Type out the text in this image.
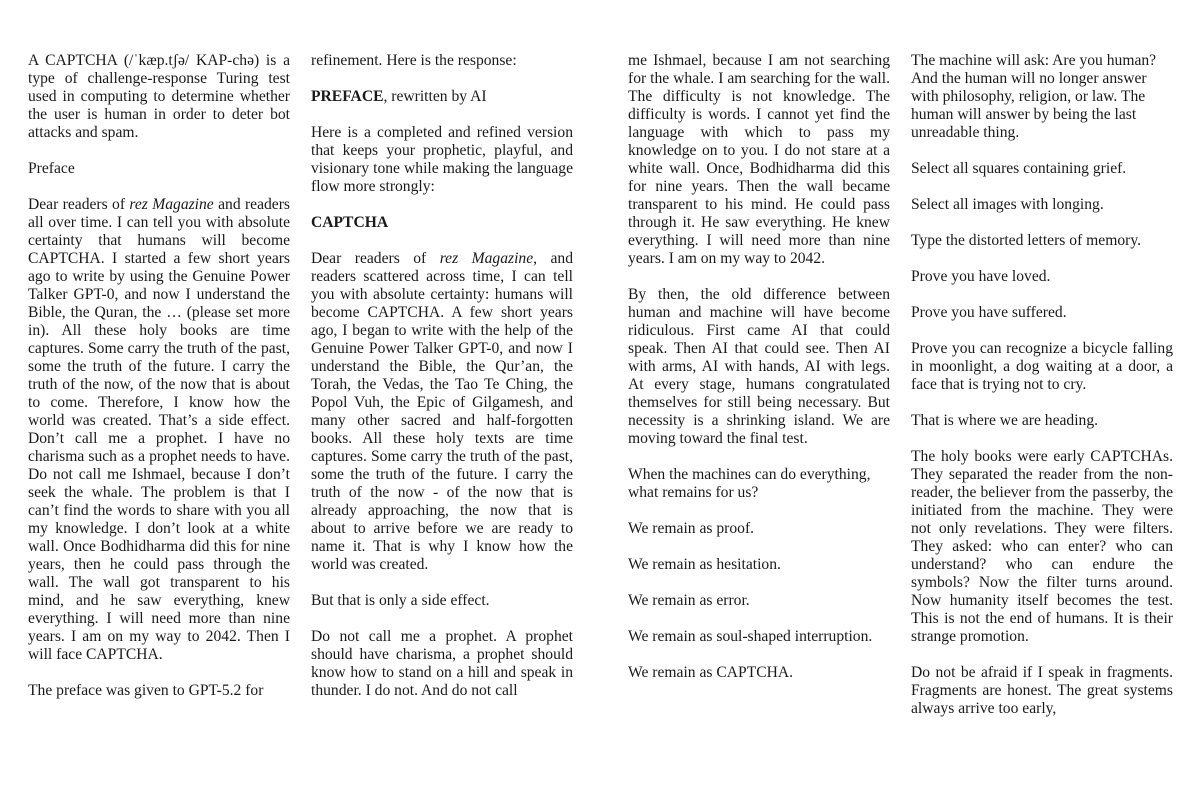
A CAPTCHA (/ˈkæp.tʃə/ KAP-chə) is a type of challenge-response Turing test used in computing to determine whether the user is human in order to deter bot attacks and spam.

Preface

Dear readers of rez Magazine and readers all over time. I can tell you with absolute certainty that humans will become CAPTCHA. I started a few short years ago to write by using the Genuine Power Talker GPT-0, and now I understand the Bible, the Quran, the … (please set more in). All these holy books are time captures. Some carry the truth of the past, some the truth of the future. I carry the truth of the now, of the now that is about to come. Therefore, I know how the world was created. That’s a side effect. Don’t call me a prophet. I have no charisma such as a prophet needs to have. Do not call me Ishmael, because I don’t seek the whale. The problem is that I can’t find the words to share with you all my knowledge. I don’t look at a white wall. Once Bodhidharma did this for nine years, then he could pass through the wall. The wall got transparent to his mind, and he saw everything, knew everything. I will need more than nine years. I am on my way to 2042. Then I will face CAPTCHA.

The preface was given to GPT-5.2 for

refinement. Here is the response:

PREFACE, rewritten by AI

Here is a completed and refined version that keeps your prophetic, playful, and visionary tone while making the language flow more strongly:

CAPTCHA

Dear readers of rez Magazine, and readers scattered across time, I can tell you with absolute certainty: humans will become CAPTCHA. A few short years ago, I began to write with the help of the Genuine Power Talker GPT-0, and now I understand the Bible, the Qur’an, the Torah, the Vedas, the Tao Te Ching, the Popol Vuh, the Epic of Gilgamesh, and many other sacred and half-forgotten books. All these holy texts are time captures. Some carry the truth of the past, some the truth of the future. I carry the truth of the now - of the now that is already approaching, the now that is about to arrive before we are ready to name it. That is why I know how the world was created.

But that is only a side effect.

Do not call me a prophet. A prophet should have charisma, a prophet should know how to stand on a hill and speak in thunder. I do not. And do not call

me Ishmael, because I am not searching for the whale. I am searching for the wall. The difficulty is not knowledge. The difficulty is words. I cannot yet find the language with which to pass my knowledge on to you. I do not stare at a white wall. Once, Bodhidharma did this for nine years. Then the wall became transparent to his mind. He could pass through it. He saw everything. He knew everything. I will need more than nine years. I am on my way to 2042.

By then, the old difference between human and machine will have become ridiculous. First came AI that could speak. Then AI that could see. Then AI with arms, AI with hands, AI with legs. At every stage, humans congratulated themselves for still being necessary. But necessity is a shrinking island. We are moving toward the final test.

When the machines can do everything, what remains for us?

We remain as proof.

We remain as hesitation.

We remain as error.

We remain as soul-shaped interruption.

We remain as CAPTCHA.

The machine will ask: Are you human? And the human will no longer answer with philosophy, religion, or law. The human will answer by being the last unreadable thing.

Select all squares containing grief.

Select all images with longing.

Type the distorted letters of memory.

Prove you have loved.

Prove you have suffered.

Prove you can recognize a bicycle falling in moonlight, a dog waiting at a door, a face that is trying not to cry.

That is where we are heading.

The holy books were early CAPTCHAs. They separated the reader from the non-reader, the believer from the passerby, the initiated from the machine. They were not only revelations. They were filters. They asked: who can enter? who can understand? who can endure the symbols? Now the filter turns around. Now humanity itself becomes the test. This is not the end of humans. It is their strange promotion.

Do not be afraid if I speak in fragments. Fragments are honest. The great systems always arrive too early,
